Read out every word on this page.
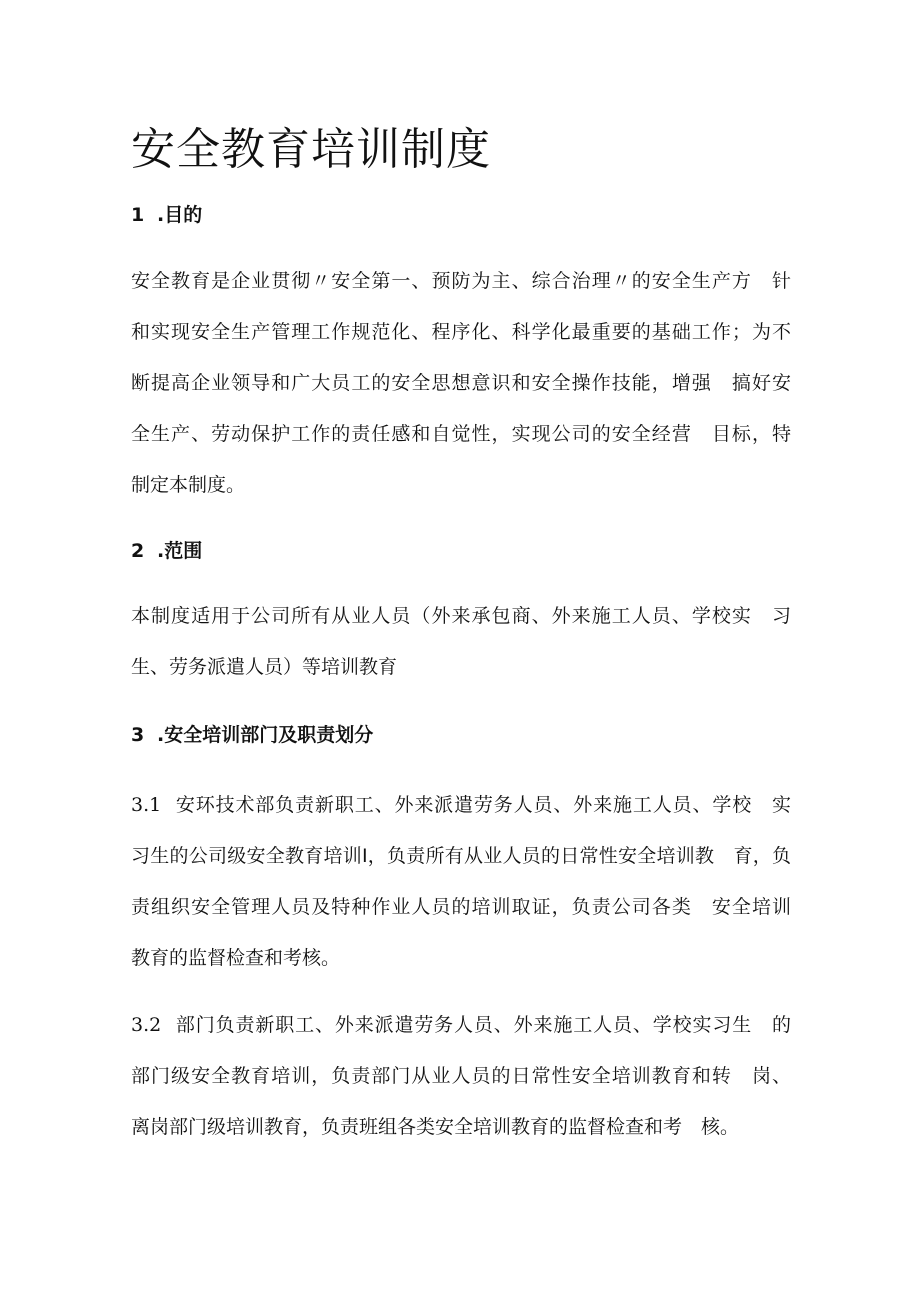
安全教育培训制度
1 .目的
安全教育是企业贯彻〃安全第一、预防为主、综合治理〃的安全生产方　针
和实现安全生产管理工作规范化、程序化、科学化最重要的基础工作；为不
断提高企业领导和广大员工的安全思想意识和安全操作技能，增强　搞好安
全生产、劳动保护工作的责任感和自觉性，实现公司的安全经营　目标，特
制定本制度。
2 .范围
本制度适用于公司所有从业人员（外来承包商、外来施工人员、学校实　习
生、劳务派遣人员）等培训教育
3 .安全培训部门及职责划分
3.1 安环技术部负责新职工、外来派遣劳务人员、外来施工人员、学校　实
习生的公司级安全教育培训I，负责所有从业人员的日常性安全培训教　育，负
责组织安全管理人员及特种作业人员的培训取证，负责公司各类　安全培训
教育的监督检查和考核。
3.2 部门负责新职工、外来派遣劳务人员、外来施工人员、学校实习生　的
部门级安全教育培训，负责部门从业人员的日常性安全培训教育和转　岗、
离岗部门级培训教育，负责班组各类安全培训教育的监督检查和考　核。
